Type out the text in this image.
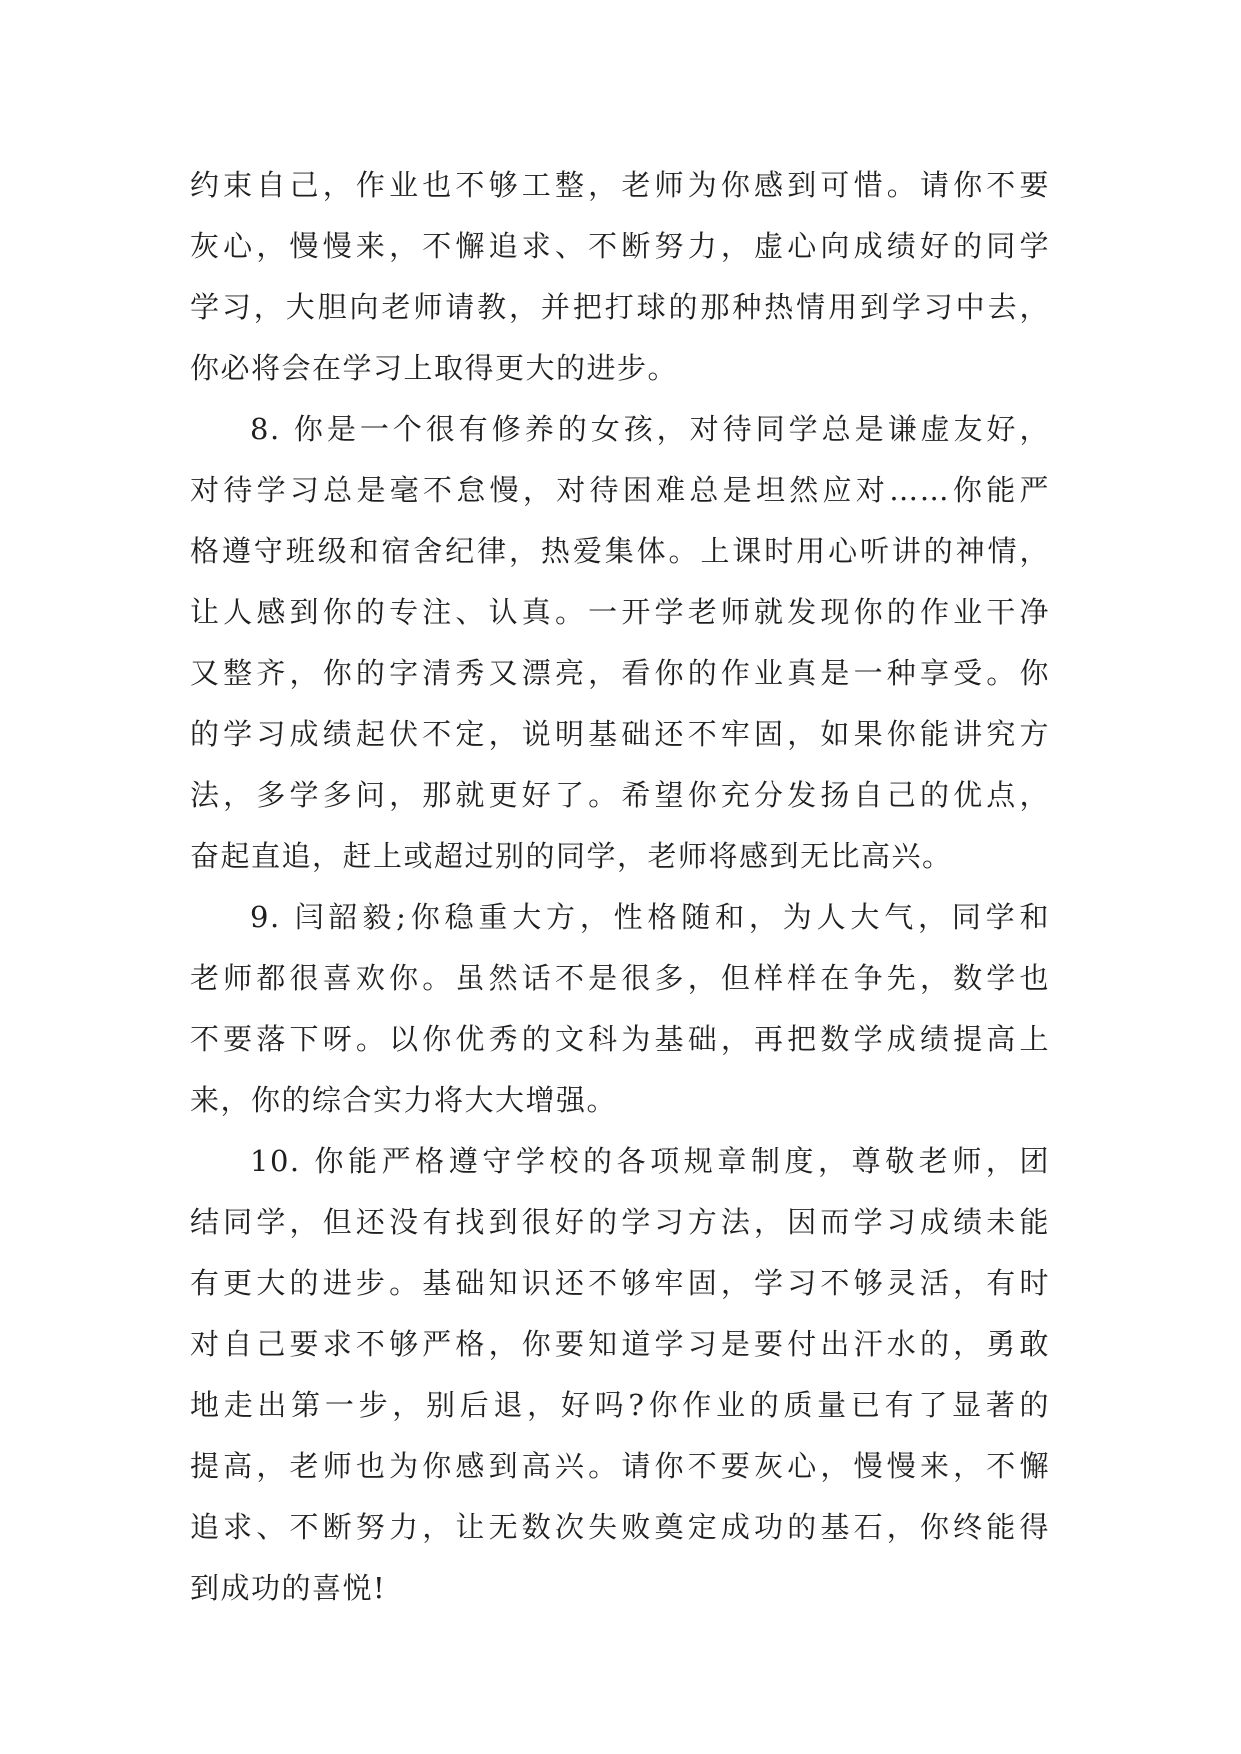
约束自己，作业也不够工整，老师为你感到可惜。请你不要
灰心，慢慢来，不懈追求、不断努力，虚心向成绩好的同学
学习，大胆向老师请教，并把打球的那种热情用到学习中去，
你必将会在学习上取得更大的进步。
8. 你是一个很有修养的女孩，对待同学总是谦虚友好，
对待学习总是毫不怠慢，对待困难总是坦然应对……你能严
格遵守班级和宿舍纪律，热爱集体。上课时用心听讲的神情，
让人感到你的专注、认真。一开学老师就发现你的作业干净
又整齐，你的字清秀又漂亮，看你的作业真是一种享受。你
的学习成绩起伏不定，说明基础还不牢固，如果你能讲究方
法，多学多问，那就更好了。希望你充分发扬自己的优点，
奋起直追，赶上或超过别的同学，老师将感到无比高兴。
9. 闫韶毅;你稳重大方，性格随和，为人大气，同学和
老师都很喜欢你。虽然话不是很多，但样样在争先，数学也
不要落下呀。以你优秀的文科为基础，再把数学成绩提高上
来，你的综合实力将大大增强。
10. 你能严格遵守学校的各项规章制度，尊敬老师，团
结同学，但还没有找到很好的学习方法，因而学习成绩未能
有更大的进步。基础知识还不够牢固，学习不够灵活，有时
对自己要求不够严格，你要知道学习是要付出汗水的，勇敢
地走出第一步，别后退，好吗?你作业的质量已有了显著的
提高，老师也为你感到高兴。请你不要灰心，慢慢来，不懈
追求、不断努力，让无数次失败奠定成功的基石，你终能得
到成功的喜悦!
